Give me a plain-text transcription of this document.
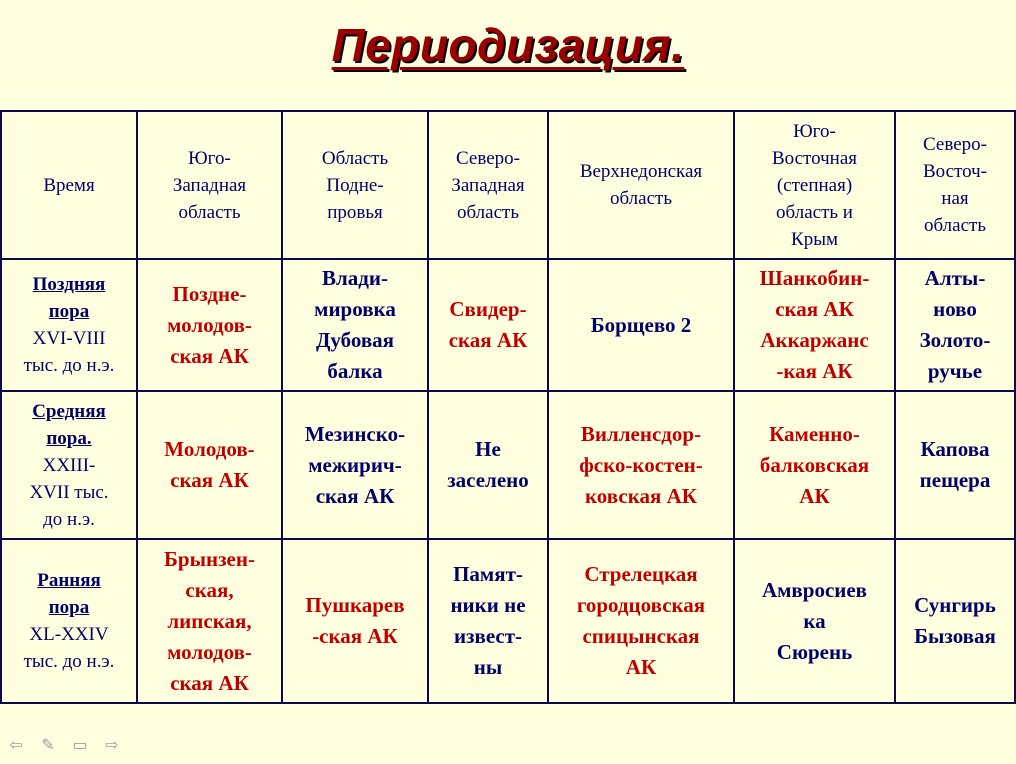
Периодизация.
Время	Юго-
Западная
область	Область
Подне-
провья	Северо-
Западная
область	Верхнедонская
область	Юго-
Восточная
(степная)
область и
Крым	Северо-
Восточ-
ная
область

Поздняя
пора
XVI-VIII
тыс. до н.э.	Поздне-
молодов-
ская АК	Влади-
мировка
Дубовая
балка	Свидер-
ская АК	Борщево 2	Шанкобин-
ская АК
Аккаржанс
-кая АК	Алты-
ново
Золото-
ручье

Средняя
пора.
XXIII-
XVII тыс.
до н.э.	Молодов-
ская АК	Мезинско-
межирич-
ская АК	Не
заселено	Вилленсдор-
фско-костен-
ковская АК	Каменно-
балковская
АК	Капова
пещера

Ранняя
пора
XL-XXIV
тыс. до н.э.	Брынзен-
ская,
липская,
молодов-
ская АК	Пушкарев
-ская АК	Памят-
ники не
извест-
ны	Стрелецкая
городцовская
спицынская
АК	Амвросиев
ка
Сюрень	Сунгирь
Бызовая
⇦ ✎ ▭ ⇨
